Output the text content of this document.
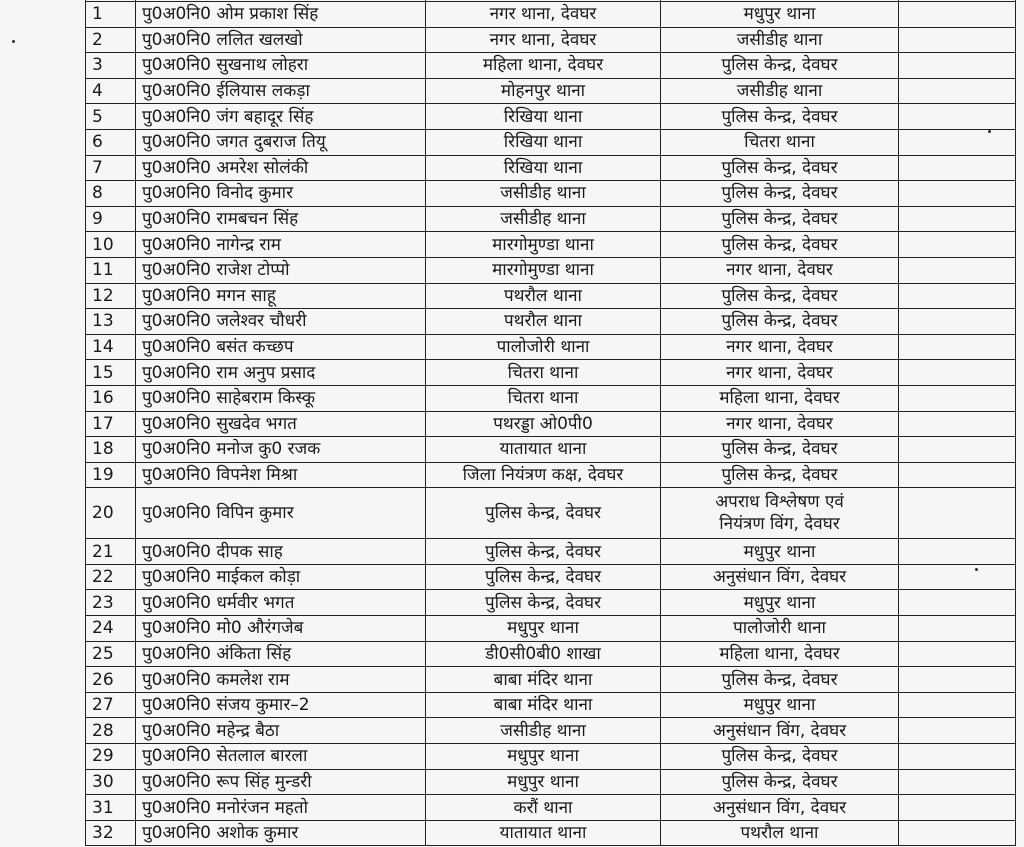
1	पु0अ0नि0 ओम प्रकाश सिंह	नगर थाना, देवघर	मधुपुर थाना	
2	पु0अ0नि0 ललित खलखो	नगर थाना, देवघर	जसीडीह थाना	
3	पु0अ0नि0 सुखनाथ लोहरा	महिला थाना, देवघर	पुलिस केन्द्र, देवघर	
4	पु0अ0नि0 ईलियास लकड़ा	मोहनपुर थाना	जसीडीह थाना	
5	पु0अ0नि0 जंग बहादूर सिंह	रिखिया थाना	पुलिस केन्द्र, देवघर	
6	पु0अ0नि0 जगत दुबराज तियू	रिखिया थाना	चितरा थाना	
7	पु0अ0नि0 अमरेश सोलंकी	रिखिया थाना	पुलिस केन्द्र, देवघर	
8	पु0अ0नि0 विनोद कुमार	जसीडीह थाना	पुलिस केन्द्र, देवघर	
9	पु0अ0नि0 रामबचन सिंह	जसीडीह थाना	पुलिस केन्द्र, देवघर	
10	पु0अ0नि0 नागेन्द्र राम	मारगोमुण्डा थाना	पुलिस केन्द्र, देवघर	
11	पु0अ0नि0 राजेश टोप्पो	मारगोमुण्डा थाना	नगर थाना, देवघर	
12	पु0अ0नि0 मगन साहू	पथरौल थाना	पुलिस केन्द्र, देवघर	
13	पु0अ0नि0 जलेश्वर चौधरी	पथरौल थाना	पुलिस केन्द्र, देवघर	
14	पु0अ0नि0 बसंत कच्छप	पालोजोरी थाना	नगर थाना, देवघर	
15	पु0अ0नि0 राम अनुप प्रसाद	चितरा थाना	नगर थाना, देवघर	
16	पु0अ0नि0 साहेबराम किस्कू	चितरा थाना	महिला थाना, देवघर	
17	पु0अ0नि0 सुखदेव भगत	पथरड्डा ओ0पी0	नगर थाना, देवघर	
18	पु0अ0नि0 मनोज कु0 रजक	यातायात थाना	पुलिस केन्द्र, देवघर	
19	पु0अ0नि0 विपनेश मिश्रा	जिला नियंत्रण कक्ष, देवघर	पुलिस केन्द्र, देवघर	
20	पु0अ0नि0 विपिन कुमार	पुलिस केन्द्र, देवघर	अपराध विश्लेषण एवं
नियंत्रण विंग, देवघर	

21	पु0अ0नि0 दीपक साह	पुलिस केन्द्र, देवघर	मधुपुर थाना	
22	पु0अ0नि0 माईकल कोड़ा	पुलिस केन्द्र, देवघर	अनुसंधान विंग, देवघर	
23	पु0अ0नि0 धर्मवीर भगत	पुलिस केन्द्र, देवघर	मधुपुर थाना	
24	पु0अ0नि0 मो0 औरंगजेब	मधुपुर थाना	पालोजोरी थाना	
25	पु0अ0नि0 अंकिता सिंह	डी0सी0बी0 शाखा	महिला थाना, देवघर	
26	पु0अ0नि0 कमलेश राम	बाबा मंदिर थाना	पुलिस केन्द्र, देवघर	
27	पु0अ0नि0 संजय कुमार–2	बाबा मंदिर थाना	मधुपुर थाना	
28	पु0अ0नि0 महेन्द्र बैठा	जसीडीह थाना	अनुसंधान विंग, देवघर	
29	पु0अ0नि0 सेतलाल बारला	मधुपुर थाना	पुलिस केन्द्र, देवघर	
30	पु0अ0नि0 रूप सिंह मुन्डरी	मधुपुर थाना	पुलिस केन्द्र, देवघर	
31	पु0अ0नि0 मनोरंजन महतो	करौं थाना	अनुसंधान विंग, देवघर	
32	पु0अ0नि0 अशोक कुमार	यातायात थाना	पथरौल थाना	
